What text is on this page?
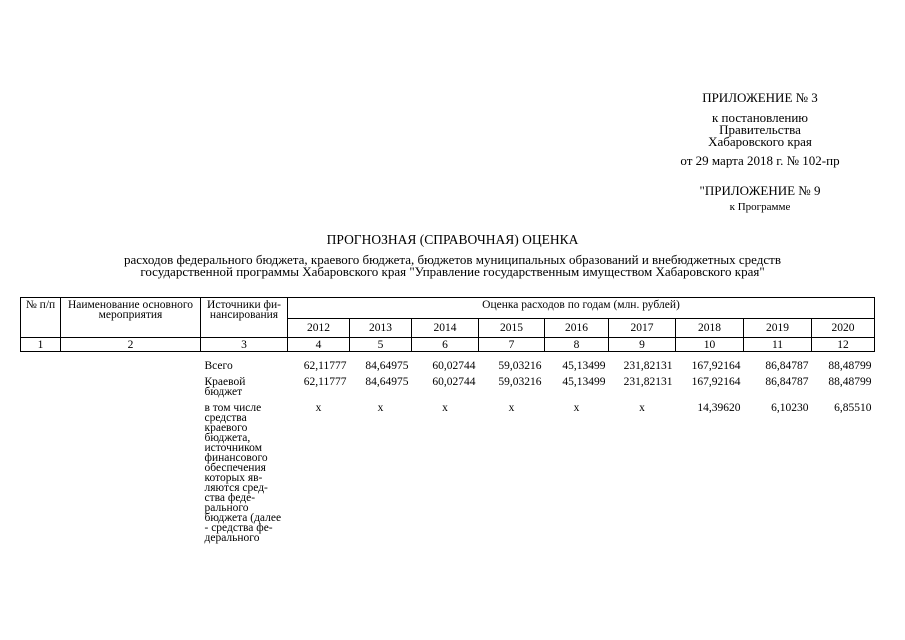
ПРИЛОЖЕНИЕ № 3
к постановлению
Правительства
Хабаровского края
от 29 марта 2018 г. № 102-пр
"ПРИЛОЖЕНИЕ № 9
к Программе
ПРОГНОЗНАЯ (СПРАВОЧНАЯ) ОЦЕНКА
расходов федерального бюджета, краевого бюджета, бюджетов муниципальных образований и внебюджетных средств
государственной программы Хабаровского края "Управление государственным имуществом Хабаровского края"
№ п/п	Наименование основного мероприятия	Источники фи- нансирования	Оценка расходов по годам (млн. рублей)								
			2012	2013	2014	2015	2016	2017	2018	2019	2020
1	2	3	4	5	6	7	8	9	10	11	12
		Всего	62,11777	84,64975	60,02744	59,03216	45,13499	231,82131	167,92164	86,84787	88,48799
		Краевой бюджет	62,11777	84,64975	60,02744	59,03216	45,13499	231,82131	167,92164	86,84787	88,48799
		в том числе средства краевого бюджета, источником финансового обеспечения которых яв- ляются сред- ства феде- рального бюджета (далее - средства фе- дерального	х	х	х	х	х	х	14,39620	6,10230	6,85510
